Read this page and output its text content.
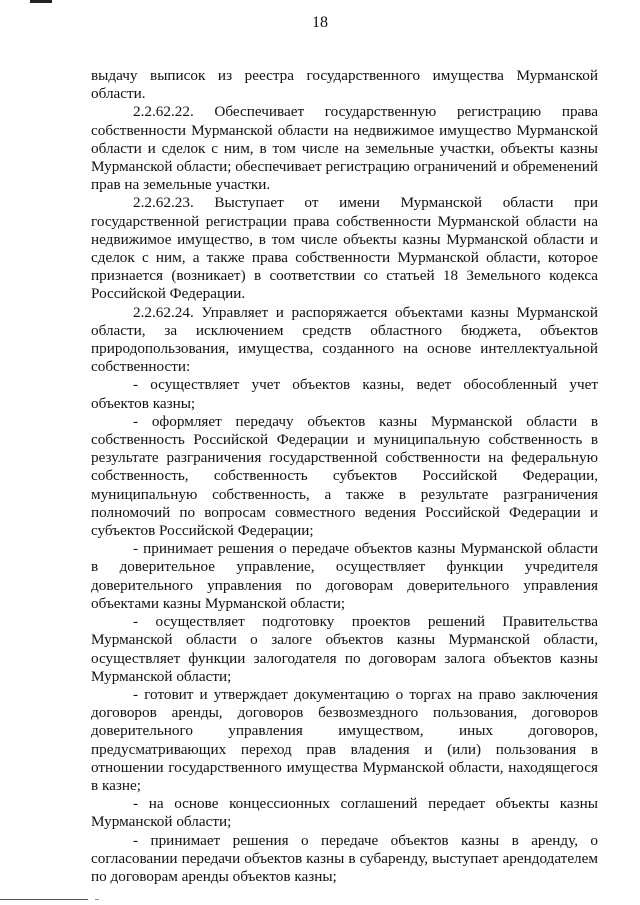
18

выдачу выписок из реестра государственного имущества Мурманской области.

2.2.62.22. Обеспечивает государственную регистрацию права собственности Мурманской области на недвижимое имущество Мурманской области и сделок с ним, в том числе на земельные участки, объекты казны Мурманской области; обеспечивает регистрацию ограничений и обременений прав на земельные участки.

2.2.62.23. Выступает от имени Мурманской области при государственной регистрации права собственности Мурманской области на недвижимое имущество, в том числе объекты казны Мурманской области и сделок с ним, а также права собственности Мурманской области, которое признается (возникает) в соответствии со статьей 18 Земельного кодекса Российской Федерации.

2.2.62.24. Управляет и распоряжается объектами казны Мурманской области, за исключением средств областного бюджета, объектов природопользования, имущества, созданного на основе интеллектуальной собственности:

- осуществляет учет объектов казны, ведет обособленный учет объектов казны;

- оформляет передачу объектов казны Мурманской области в собственность Российской Федерации и муниципальную собственность в результате разграничения государственной собственности на федеральную собственность, собственность субъектов Российской Федерации, муниципальную собственность, а также в результате разграничения полномочий по вопросам совместного ведения Российской Федерации и субъектов Российской Федерации;

- принимает решения о передаче объектов казны Мурманской области в доверительное управление, осуществляет функции учредителя доверительного управления по договорам доверительного управления объектами казны Мурманской области;

- осуществляет подготовку проектов решений Правительства Мурманской области о залоге объектов казны Мурманской области, осуществляет функции залогодателя по договорам залога объектов казны Мурманской области;

- готовит и утверждает документацию о торгах на право заключения договоров аренды, договоров безвозмездного пользования, договоров доверительного управления имуществом, иных договоров, предусматривающих переход прав владения и (или) пользования в отношении государственного имущества Мурманской области, находящегося в казне;

- на основе концессионных соглашений передает объекты казны Мурманской области;

- принимает решения о передаче объектов казны в аренду, о согласовании передачи объектов казны в субаренду, выступает арендодателем по договорам аренды объектов казны;
